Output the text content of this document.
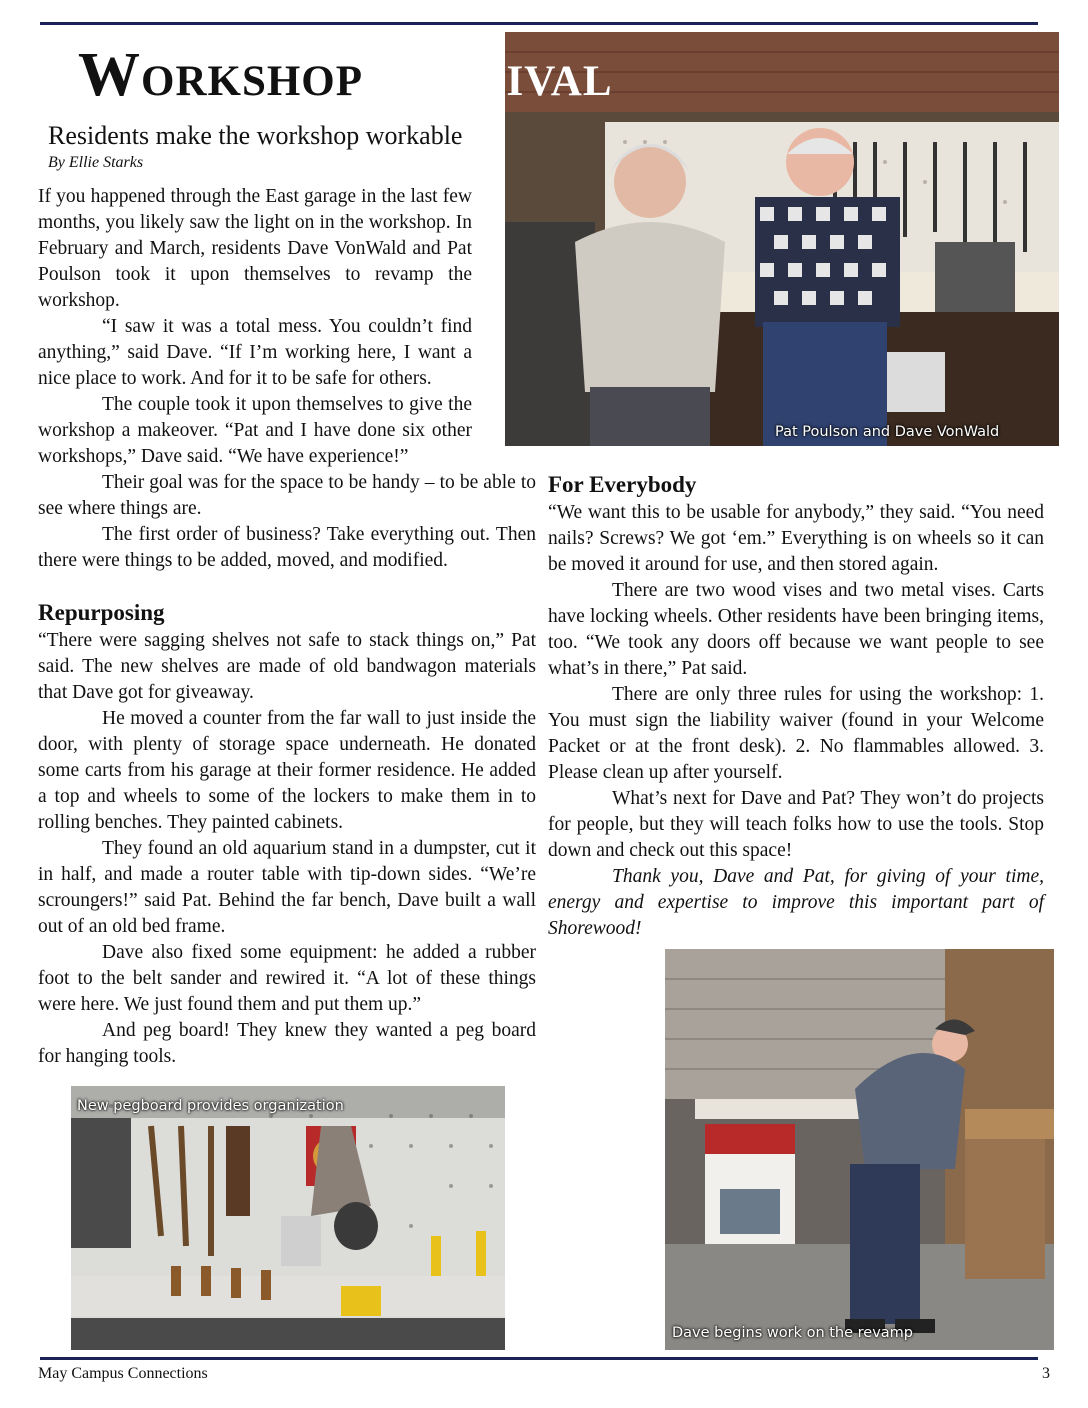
Workshop Revival
Pat Poulson and Dave VonWald
Residents make the workshop workable
By Ellie Starks

If you happened through the East garage in the last few months, you likely saw the light on in the workshop. In February and March, residents Dave VonWald and Pat Poulson took it upon themselves to revamp the workshop.

“I saw it was a total mess. You couldn’t find anything,” said Dave. “If I’m working here, I want a nice place to work. And for it to be safe for others.

The couple took it upon themselves to give the workshop a makeover. “Pat and I have done six other workshops,” Dave said. “We have experience!”

Their goal was for the space to be handy – to be able to see where things are.

The first order of business? Take everything out. Then there were things to be added, moved, and modified.

Repurposing

“There were sagging shelves not safe to stack things on,” Pat said. The new shelves are made of old bandwagon materials that Dave got for giveaway.

He moved a counter from the far wall to just inside the door, with plenty of storage space underneath. He donated some carts from his garage at their former residence. He added a top and wheels to some of the lockers to make them in to rolling benches. They painted cabinets.

They found an old aquarium stand in a dumpster, cut it in half, and made a router table with tip-down sides. “We’re scroungers!” said Pat. Behind the far bench, Dave built a wall out of an old bed frame.

Dave also fixed some equipment: he added a rubber foot to the belt sander and rewired it. “A lot of these things were here. We just found them and put them up.”

And peg board! They knew they wanted a peg board for hanging tools.

For Everybody

“We want this to be usable for anybody,” they said. “You need nails? Screws? We got ‘em.” Everything is on wheels so it can be moved it around for use, and then stored again.

There are two wood vises and two metal vises. Carts have locking wheels. Other residents have been bringing items, too. “We took any doors off because we want people to see what’s in there,” Pat said.

There are only three rules for using the workshop: 1. You must sign the liability waiver (found in your Welcome Packet or at the front desk). 2. No flammables allowed. 3. Please clean up after yourself.

What’s next for Dave and Pat? They won’t do projects for people, but they will teach folks how to use the tools. Stop down and check out this space!

Thank you, Dave and Pat, for giving of your time, energy and expertise to improve this important part of Shorewood!

New pegboard provides organization
Dave begins work on the revamp
May Campus Connections	3
